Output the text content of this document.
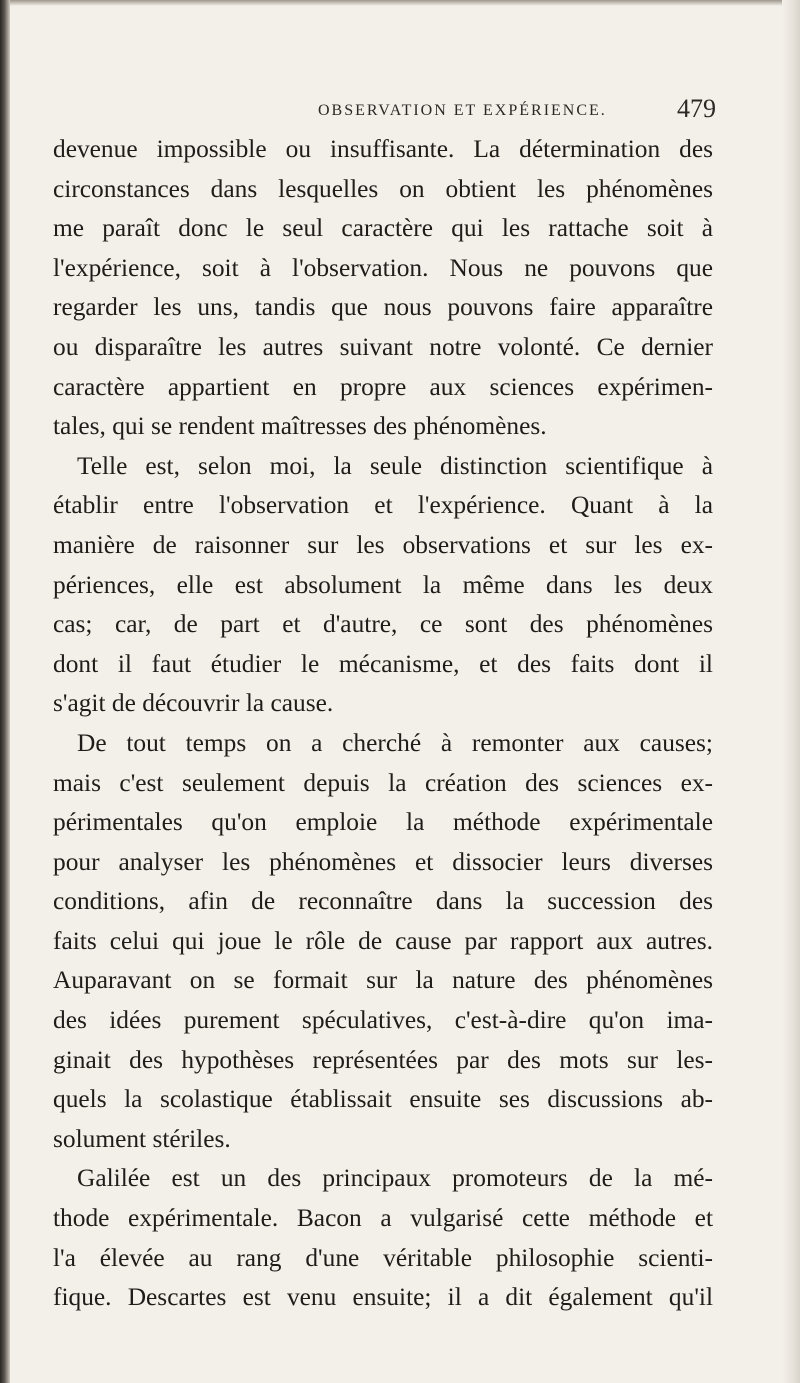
OBSERVATION ET EXPÉRIENCE.	479
devenue impossible ou insuffisante. La détermination des
circonstances dans lesquelles on obtient les phénomènes
me paraît donc le seul caractère qui les rattache soit à
l'expérience, soit à l'observation. Nous ne pouvons que
regarder les uns, tandis que nous pouvons faire apparaître
ou disparaître les autres suivant notre volonté. Ce dernier
caractère appartient en propre aux sciences expérimen-
tales, qui se rendent maîtresses des phénomènes.
Telle est, selon moi, la seule distinction scientifique à
établir entre l'observation et l'expérience. Quant à la
manière de raisonner sur les observations et sur les ex-
périences, elle est absolument la même dans les deux
cas; car, de part et d'autre, ce sont des phénomènes
dont il faut étudier le mécanisme, et des faits dont il
s'agit de découvrir la cause.
De tout temps on a cherché à remonter aux causes;
mais c'est seulement depuis la création des sciences ex-
périmentales qu'on emploie la méthode expérimentale
pour analyser les phénomènes et dissocier leurs diverses
conditions, afin de reconnaître dans la succession des
faits celui qui joue le rôle de cause par rapport aux autres.
Auparavant on se formait sur la nature des phénomènes
des idées purement spéculatives, c'est-à-dire qu'on ima-
ginait des hypothèses représentées par des mots sur les-
quels la scolastique établissait ensuite ses discussions ab-
solument stériles.
Galilée est un des principaux promoteurs de la mé-
thode expérimentale. Bacon a vulgarisé cette méthode et
l'a élevée au rang d'une véritable philosophie scienti-
fique. Descartes est venu ensuite; il a dit également qu'il
